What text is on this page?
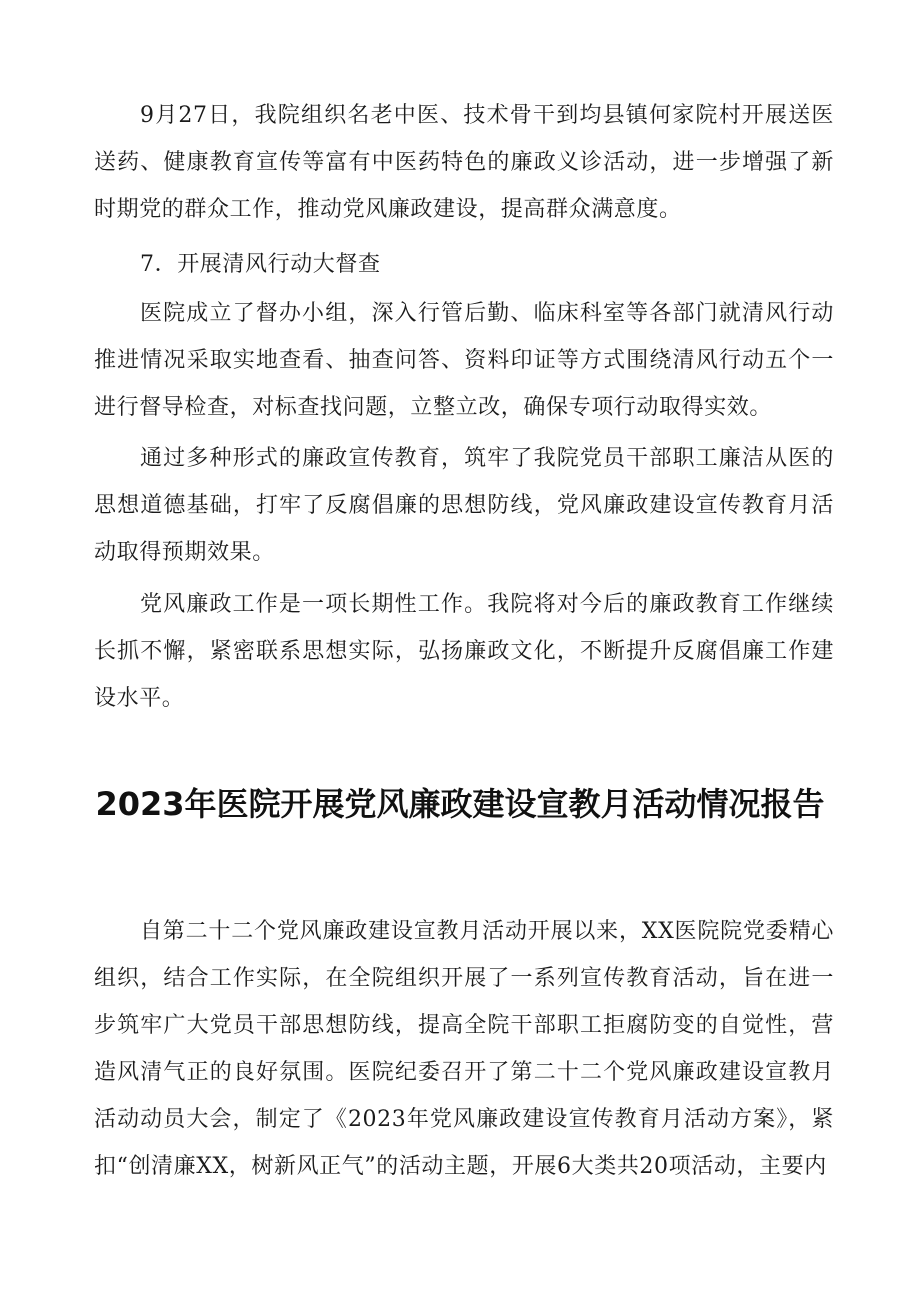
9月27日，我院组织名老中医、技术骨干到均县镇何家院村开展送医送药、健康教育宣传等富有中医药特色的廉政义诊活动，进一步增强了新时期党的群众工作，推动党风廉政建设，提高群众满意度。

7．开展清风行动大督查

医院成立了督办小组，深入行管后勤、临床科室等各部门就清风行动推进情况采取实地查看、抽查问答、资料印证等方式围绕清风行动五个一进行督导检查，对标查找问题，立整立改，确保专项行动取得实效。

通过多种形式的廉政宣传教育，筑牢了我院党员干部职工廉洁从医的思想道德基础，打牢了反腐倡廉的思想防线，党风廉政建设宣传教育月活动取得预期效果。

党风廉政工作是一项长期性工作。我院将对今后的廉政教育工作继续长抓不懈，紧密联系思想实际，弘扬廉政文化，不断提升反腐倡廉工作建设水平。

2023年医院开展党风廉政建设宣教月活动情况报告

自第二十二个党风廉政建设宣教月活动开展以来，XX医院院党委精心组织，结合工作实际，在全院组织开展了一系列宣传教育活动，旨在进一步筑牢广大党员干部思想防线，提高全院干部职工拒腐防变的自觉性，营造风清气正的良好氛围。医院纪委召开了第二十二个党风廉政建设宣教月活动动员大会，制定了《2023年党风廉政建设宣传教育月活动方案》，紧扣“创清廉XX，树新风正气”的活动主题，开展6大类共20项活动，主要内
